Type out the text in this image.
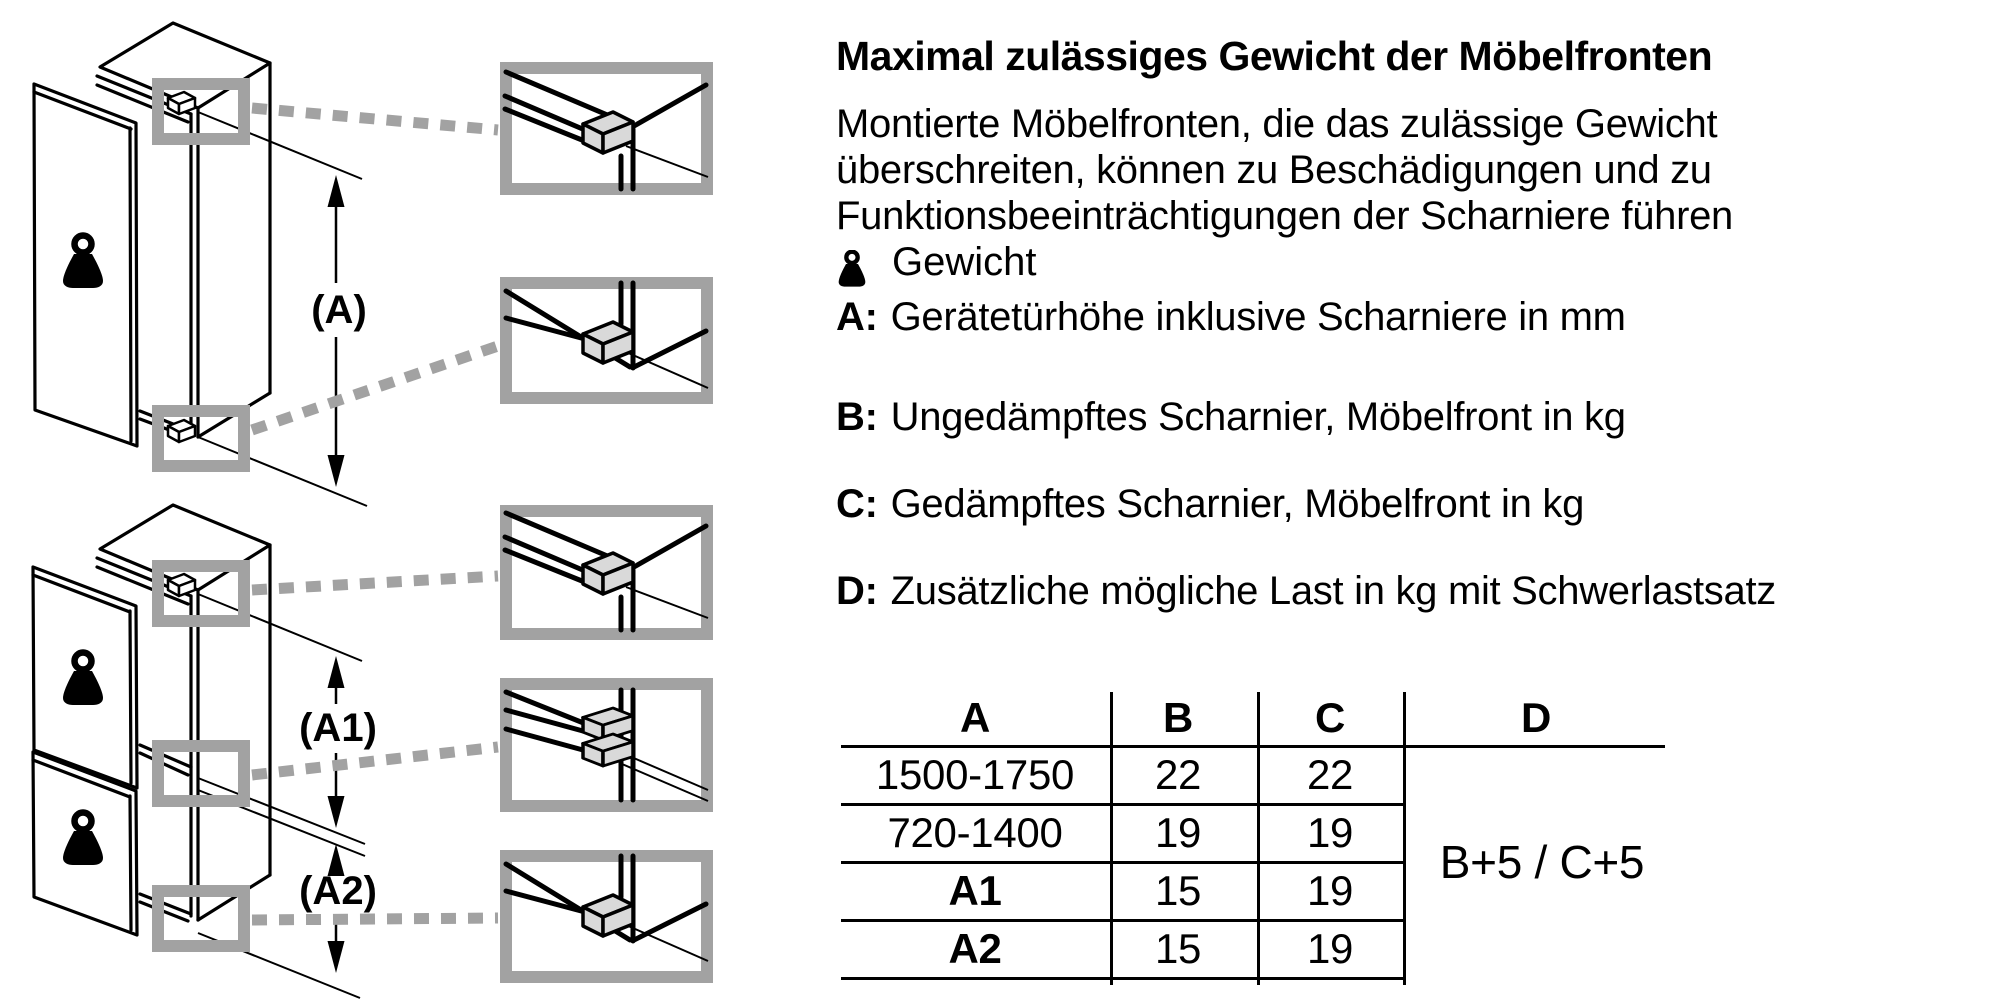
(A)
(A1)
(A2)
Maximal zulässiges Gewicht der Möbelfronten
Montierte Möbelfronten, die das zulässige Gewicht
überschreiten, können zu Beschädigungen und zu
Funktionsbeeinträchtigungen der Scharniere führen
Gewicht
A: Gerätetürhöhe inklusive Scharniere in mm
B: Ungedämpftes Scharnier, Möbelfront in kg
C: Gedämpftes Scharnier, Möbelfront in kg
D: Zusätzliche mögliche Last in kg mit Schwerlastsatz
A	B	C	D
1500-1750 22	22
720-1400 19	19
A1	15	19
A2	15	19
B+5 / C+5
